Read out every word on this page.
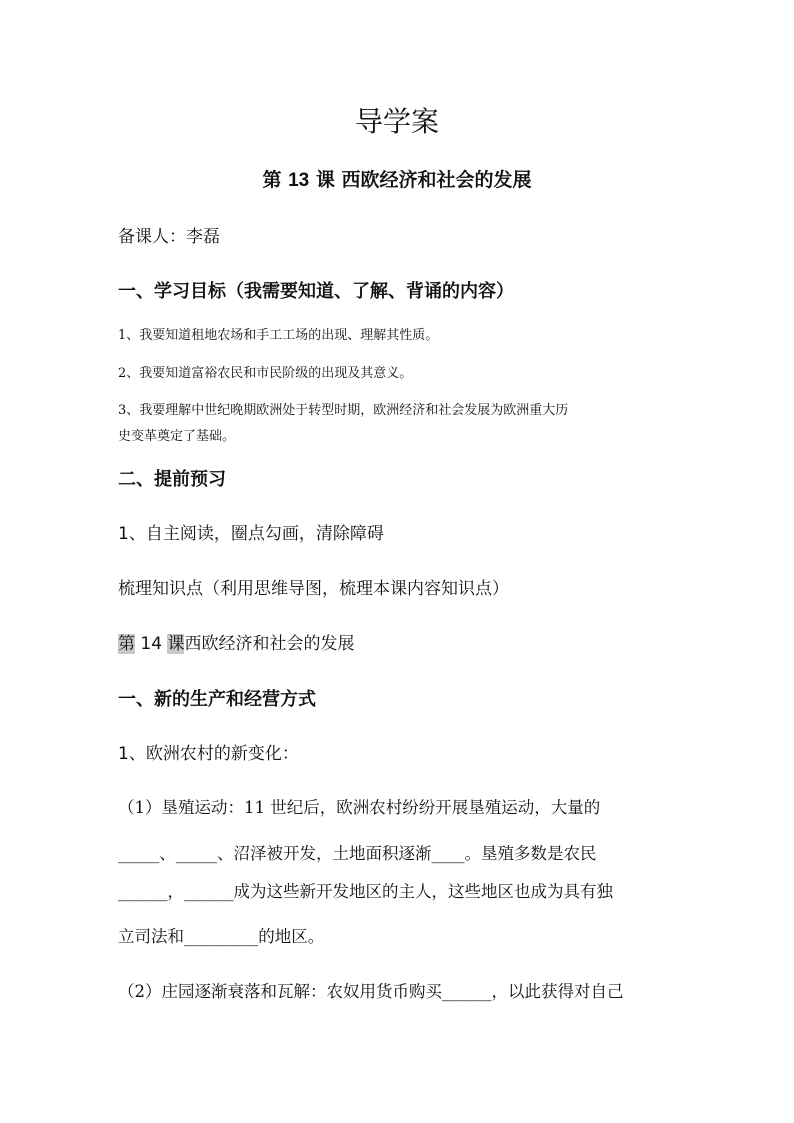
导学案
第 13 课 西欧经济和社会的发展
备课人：李磊
一、学习目标（我需要知道、了解、背诵的内容）
1、我要知道租地农场和手工工场的出现、理解其性质。
2、我要知道富裕农民和市民阶级的出现及其意义。
3、我要理解中世纪晚期欧洲处于转型时期，欧洲经济和社会发展为欧洲重大历
史变革奠定了基础。
二、提前预习
1、自主阅读，圈点勾画，清除障碍
梳理知识点（利用思维导图，梳理本课内容知识点）
第 14 课西欧经济和社会的发展
一、新的生产和经营方式
1、欧洲农村的新变化：
（1）垦殖运动：11 世纪后，欧洲农村纷纷开展垦殖运动，大量的
_____、_____、沼泽被开发，土地面积逐渐____。垦殖多数是农民
______，______成为这些新开发地区的主人，这些地区也成为具有独
立司法和_________的地区。
（2）庄园逐渐衰落和瓦解：农奴用货币购买______，以此获得对自己
